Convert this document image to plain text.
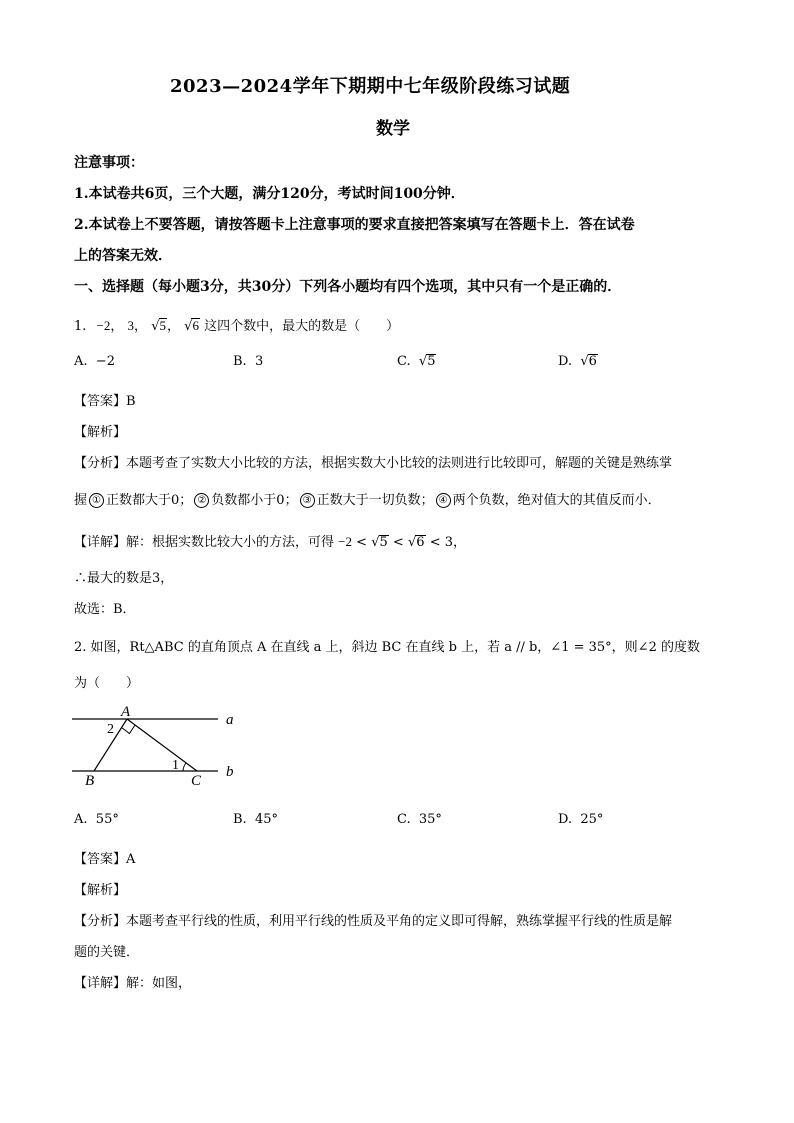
2023—2024学年下期期中七年级阶段练习试题
数学
注意事项：
1.本试卷共6页，三个大题，满分120分，考试时间100分钟．
2.本试卷上不要答题，请按答题卡上注意事项的要求直接把答案填写在答题卡上．答在试卷
上的答案无效．
一、选择题（每小题3分，共30分）下列各小题均有四个选项，其中只有一个是正确的．
1. −2， 3， √5， √6 这四个数中，最大的数是（　　）
A. −2	B. 3	C. √5	D. √6
【答案】B
【解析】
【分析】本题考查了实数大小比较的方法，根据实数大小比较的法则进行比较即可，解题的关键是熟练掌
握 ① 正数都大于0； ② 负数都小于0； ③ 正数大于一切负数； ④ 两个负数，绝对值大的其值反而小．
【详解】解：根据实数比较大小的方法，可得 −2 < √5 < √6 < 3，
∴最大的数是3，
故选：B．
2. 如图，Rt△ABC 的直角顶点 A 在直线 a 上，斜边 BC 在直线 b 上，若 a // b，∠1 = 35°，则∠2 的度数
为（　　）
A
2
1
B	C
a
b
A. 55°	B. 45°	C. 35°	D. 25°
【答案】A
【解析】
【分析】本题考查平行线的性质，利用平行线的性质及平角的定义即可得解，熟练掌握平行线的性质是解
题的关键．
【详解】解：如图，
